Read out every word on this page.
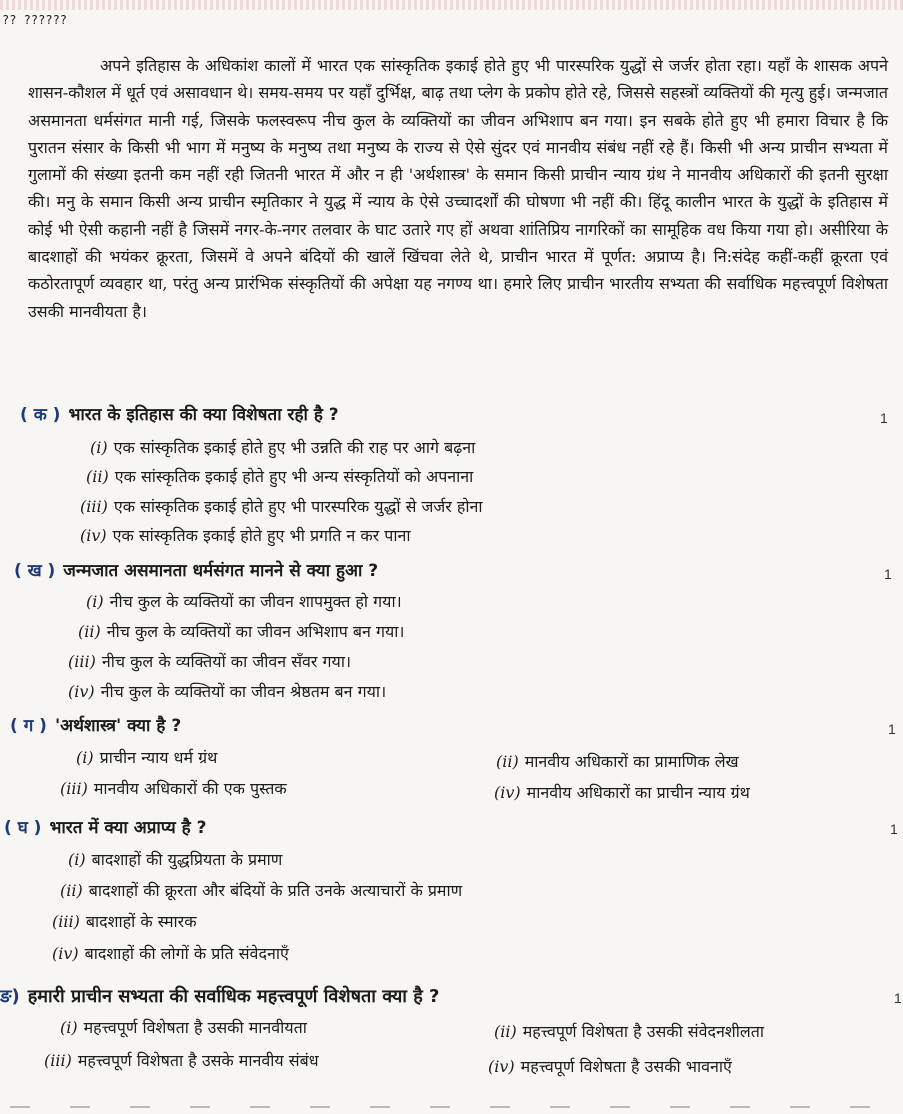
?? ??????

अपने इतिहास के अधिकांश कालों में भारत एक सांस्कृतिक इकाई होते हुए भी पारस्परिक युद्धों से जर्जर होता रहा। यहाँ के शासक अपने शासन-कौशल में धूर्त एवं असावधान थे। समय-समय पर यहाँ दुर्भिक्ष, बाढ़ तथा प्लेग के प्रकोप होते रहे, जिससे सहस्त्रों व्यक्तियों की मृत्यु हुई। जन्मजात असमानता धर्मसंगत मानी गई, जिसके फलस्वरूप नीच कुल के व्यक्तियों का जीवन अभिशाप बन गया। इन सबके होते हुए भी हमारा विचार है कि पुरातन संसार के किसी भी भाग में मनुष्य के मनुष्य तथा मनुष्य के राज्य से ऐसे सुंदर एवं मानवीय संबंध नहीं रहे हैं। किसी भी अन्य प्राचीन सभ्यता में गुलामों की संख्या इतनी कम नहीं रही जितनी भारत में और न ही 'अर्थशास्त्र' के समान किसी प्राचीन न्याय ग्रंथ ने मानवीय अधिकारों की इतनी सुरक्षा की। मनु के समान किसी अन्य प्राचीन स्मृतिकार ने युद्ध में न्याय के ऐसे उच्चादर्शों की घोषणा भी नहीं की। हिंदू कालीन भारत के युद्धों के इतिहास में कोई भी ऐसी कहानी नहीं है जिसमें नगर-के-नगर तलवार के घाट उतारे गए हों अथवा शांतिप्रिय नागरिकों का सामूहिक वध किया गया हो। असीरिया के बादशाहों की भयंकर क्रूरता, जिसमें वे अपने बंदियों की खालें खिंचवा लेते थे, प्राचीन भारत में पूर्णत: अप्राप्य है। नि:संदेह कहीं-कहीं क्रूरता एवं कठोरतापूर्ण व्यवहार था, परंतु अन्य प्रारंभिक संस्कृतियों की अपेक्षा यह नगण्य था। हमारे लिए प्राचीन भारतीय सभ्यता की सर्वाधिक महत्त्वपूर्ण विशेषता उसकी मानवीयता है।

( क ) भारत के इतिहास की क्या विशेषता रही है ?	1
(i) एक सांस्कृतिक इकाई होते हुए भी उन्नति की राह पर आगे बढ़ना
(ii) एक सांस्कृतिक इकाई होते हुए भी अन्य संस्कृतियों को अपनाना
(iii) एक सांस्कृतिक इकाई होते हुए भी पारस्परिक युद्धों से जर्जर होना
(iv) एक सांस्कृतिक इकाई होते हुए भी प्रगति न कर पाना
( ख ) जन्मजात असमानता धर्मसंगत मानने से क्या हुआ ?	1
(i) नीच कुल के व्यक्तियों का जीवन शापमुक्त हो गया।
(ii) नीच कुल के व्यक्तियों का जीवन अभिशाप बन गया।
(iii) नीच कुल के व्यक्तियों का जीवन सँवर गया।
(iv) नीच कुल के व्यक्तियों का जीवन श्रेष्ठतम बन गया।
( ग ) 'अर्थशास्त्र' क्या है ?	1
(i) प्राचीन न्याय धर्म ग्रंथ	(ii) मानवीय अधिकारों का प्रामाणिक लेख
(iii) मानवीय अधिकारों की एक पुस्तक	(iv) मानवीय अधिकारों का प्राचीन न्याय ग्रंथ
( घ ) भारत में क्या अप्राप्य है ?	1
(i) बादशाहों की युद्धप्रियता के प्रमाण
(ii) बादशाहों की क्रूरता और बंदियों के प्रति उनके अत्याचारों के प्रमाण
(iii) बादशाहों के स्मारक
(iv) बादशाहों की लोगों के प्रति संवेदनाएँ
ङ) हमारी प्राचीन सभ्यता की सर्वाधिक महत्त्वपूर्ण विशेषता क्या है ?	1
(i) महत्त्वपूर्ण विशेषता है उसकी मानवीयता	(ii) महत्त्वपूर्ण विशेषता है उसकी संवेदनशीलता
(iii) महत्त्वपूर्ण विशेषता है उसके मानवीय संबंध	(iv) महत्त्वपूर्ण विशेषता है उसकी भावनाएँ
